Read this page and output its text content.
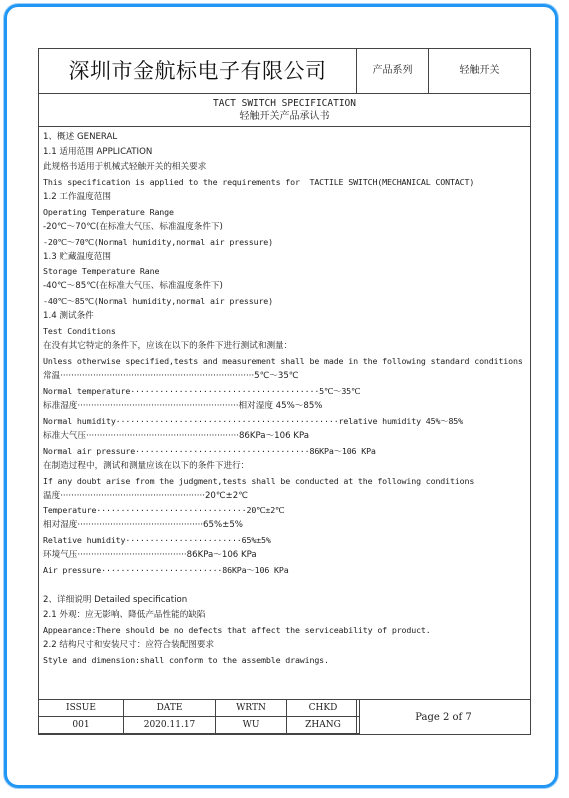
深圳市金航标电子有限公司	产品系列	轻触开关
TACT SWITCH SPECIFICATION
轻触开关产品承认书
1、概述 GENERAL
1.1 适用范围 APPLICATION
此规格书适用于机械式轻触开关的相关要求
This specification is applied to the requirements for  TACTILE SWITCH(MECHANICAL CONTACT)
1.2 工作温度范围
Operating Temperature Range
-20℃～70℃(在标准大气压、标准温度条件下)
-20℃～70℃(Normal humidity,normal air pressure)
1.3 贮藏温度范围
Storage Temperature Rane
-40℃～85℃(在标准大气压、标准温度条件下)
-40℃～85℃(Normal humidity,normal air pressure)
1.4 测试条件
Test Conditions
在没有其它特定的条件下，应该在以下的条件下进行测试和测量：
Unless otherwise specified,tests and measurement shall be made in the following standard conditions
常温·······································································5℃～35℃
Normal temperature·······································5℃～35℃
标准湿度···························································相对湿度 45%～85%
Normal humidity··············································relative humidity 45%～85%
标准大气压························································86KPa～106 KPa
Normal air pressure····································86KPa～106 KPa
在制造过程中，测试和测量应该在以下的条件下进行：
If any doubt arise from the judgment,tests shall be conducted at the following conditions
温度·····················································20℃±2℃
Temperature·······························20℃±2℃
相对湿度··············································65%±5%
Relative humidity························65%±5%
环境气压········································86KPa～106 KPa
Air pressure·························86KPa～106 KPa
2、详细说明 Detailed specification
2.1 外观：应无影响、降低产品性能的缺陷
Appearance:There should be no defects that affect the serviceability of product.
2.2 结构尺寸和安装尺寸：应符合装配图要求
Style and dimension:shall conform to the assemble drawings.
ISSUE	DATE	WRTN	CHKD
001	2020.11.17	WU	ZHANG
Page 2 of 7
